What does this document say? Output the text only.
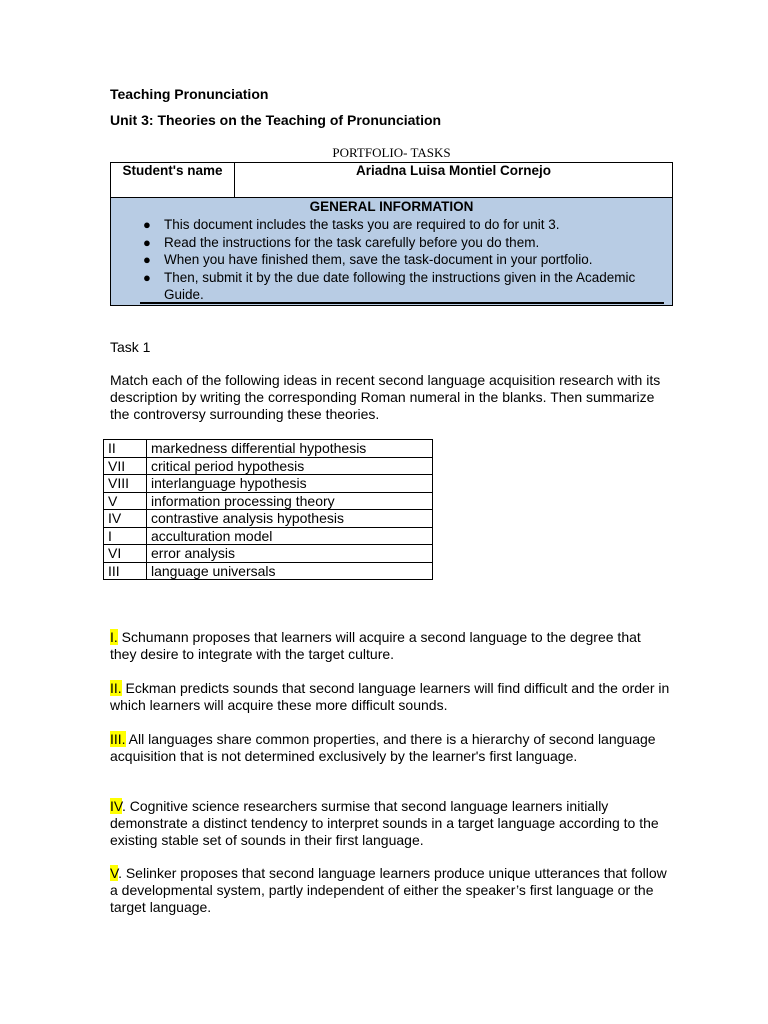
Teaching Pronunciation
Unit 3: Theories on the Teaching of Pronunciation
PORTFOLIO- TASKS
Student's name	Ariadna Luisa Montiel Cornejo
GENERAL INFORMATION
● This document includes the tasks you are required to do for unit 3.
● Read the instructions for the task carefully before you do them.
● When you have finished them, save the task-document in your portfolio.
● Then, submit it by the due date following the instructions given in the Academic Guide.
Task 1

Match each of the following ideas in recent second language acquisition research with its description by writing the corresponding Roman numeral in the blanks. Then summarize the controversy surrounding these theories.

II	markedness differential hypothesis
VII	critical period hypothesis
VIII	interlanguage hypothesis
V	information processing theory
IV	contrastive analysis hypothesis
I	acculturation model
VI	error analysis
III	language universals

I. Schumann proposes that learners will acquire a second language to the degree that they desire to integrate with the target culture.

II. Eckman predicts sounds that second language learners will find difficult and the order in which learners will acquire these more difficult sounds.

III. All languages share common properties, and there is a hierarchy of second language acquisition that is not determined exclusively by the learner's first language.

IV. Cognitive science researchers surmise that second language learners initially demonstrate a distinct tendency to interpret sounds in a target language according to the existing stable set of sounds in their first language.

V. Selinker proposes that second language learners produce unique utterances that follow a developmental system, partly independent of either the speaker’s first language or the target language.
